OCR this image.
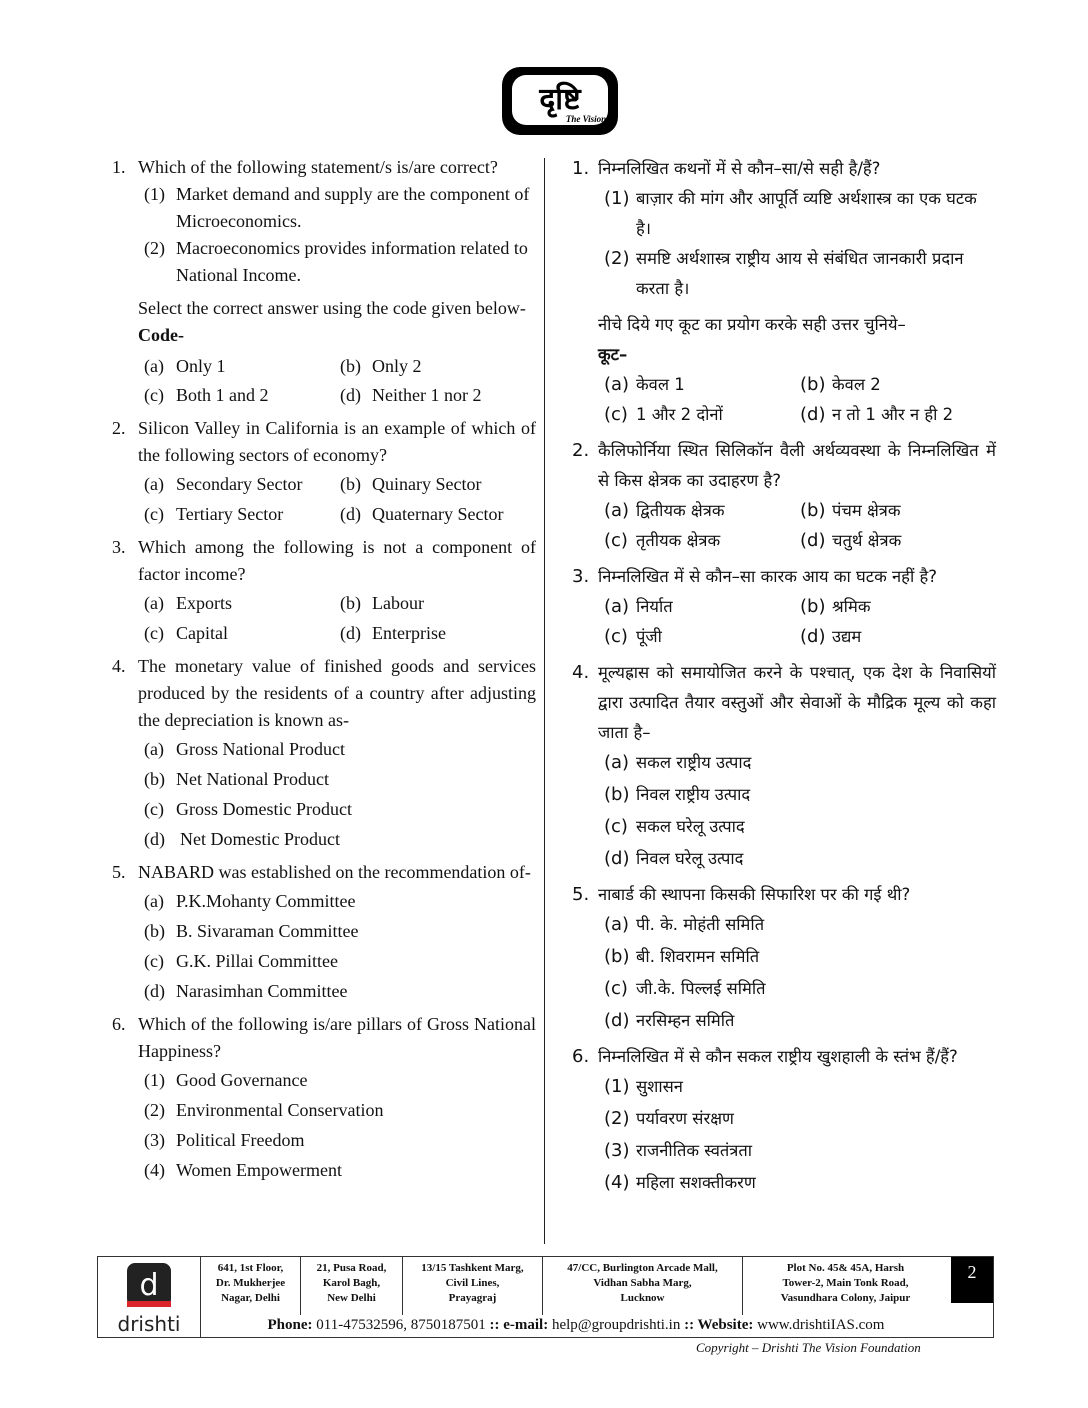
दृष्टि
The Vision
1. Which of the following statement/s is/are correct?
(1) Market demand and supply are the component of Microeconomics.
(2) Macroeconomics provides information related to National Income.
Select the correct answer using the code given below-
Code-
(a) Only 1	(b) Only 2
(c) Both 1 and 2	(d) Neither 1 nor 2
2. Silicon Valley in California is an example of which of the following sectors of economy?
(a) Secondary Sector (b) Quinary Sector
(c) Tertiary Sector	(d) Quaternary Sector
3. Which among the following is not a component of factor income?
(a) Exports	(b) Labour
(c) Capital	(d) Enterprise
4. The monetary value of finished goods and services produced by the residents of a country after adjusting the depreciation is known as-
(a) Gross National Product
(b) Net National Product
(c) Gross Domestic Product
(d) Net Domestic Product
5. NABARD was established on the recommendation of-
(a) P.K.Mohanty Committee
(b) B. Sivaraman Committee
(c) G.K. Pillai Committee
(d) Narasimhan Committee
6. Which of the following is/are pillars of Gross National Happiness?
(1) Good Governance
(2) Environmental Conservation
(3) Political Freedom
(4) Women Empowerment
1. निम्नलिखित कथनों में से कौन–सा/से सही है/हैं?
(1) बाज़ार की मांग और आपूर्ति व्यष्टि अर्थशास्त्र का एक घटक है।
(2) समष्टि अर्थशास्त्र राष्ट्रीय आय से संबंधित जानकारी प्रदान करता है।
नीचे दिये गए कूट का प्रयोग करके सही उत्तर चुनिये–
कूट–
(a) केवल 1	(b) केवल 2
(c) 1 और 2 दोनों	(d) न तो 1 और न ही 2
2. कैलिफोर्निया स्थित सिलिकॉन वैली अर्थव्यवस्था के निम्नलिखित में से किस क्षेत्रक का उदाहरण है?
(a) द्वितीयक क्षेत्रक	(b) पंचम क्षेत्रक
(c) तृतीयक क्षेत्रक	(d) चतुर्थ क्षेत्रक
3. निम्नलिखित में से कौन–सा कारक आय का घटक नहीं है?
(a) निर्यात	(b) श्रमिक
(c) पूंजी	(d) उद्यम
4. मूल्यह्रास को समायोजित करने के पश्चात्, एक देश के निवासियों द्वारा उत्पादित तैयार वस्तुओं और सेवाओं के मौद्रिक मूल्य को कहा जाता है–
(a) सकल राष्ट्रीय उत्पाद
(b) निवल राष्ट्रीय उत्पाद
(c) सकल घरेलू उत्पाद
(d) निवल घरेलू उत्पाद
5. नाबार्ड की स्थापना किसकी सिफारिश पर की गई थी?
(a) पी. के. मोहंती समिति
(b) बी. शिवरामन समिति
(c) जी.के. पिल्लई समिति
(d) नरसिम्हन समिति
6. निम्नलिखित में से कौन सकल राष्ट्रीय खुशहाली के स्तंभ हैं/हैं?
(1) सुशासन
(2) पर्यावरण संरक्षण
(3) राजनीतिक स्वतंत्रता
(4) महिला सशक्तीकरण
d
drishti
641, 1st Floor,
Dr. Mukherjee
Nagar, Delhi
21, Pusa Road,
Karol Bagh,
New Delhi
13/15 Tashkent Marg,
Civil Lines,
Prayagraj
47/CC, Burlington Arcade Mall,
Vidhan Sabha Marg,
Lucknow
Plot No. 45& 45A, Harsh
Tower-2, Main Tonk Road,
Vasundhara Colony, Jaipur
2
Phone: 011-47532596, 8750187501 :: e-mail: help@groupdrishti.in :: Website: www.drishtiIAS.com
Copyright – Drishti The Vision Foundation
